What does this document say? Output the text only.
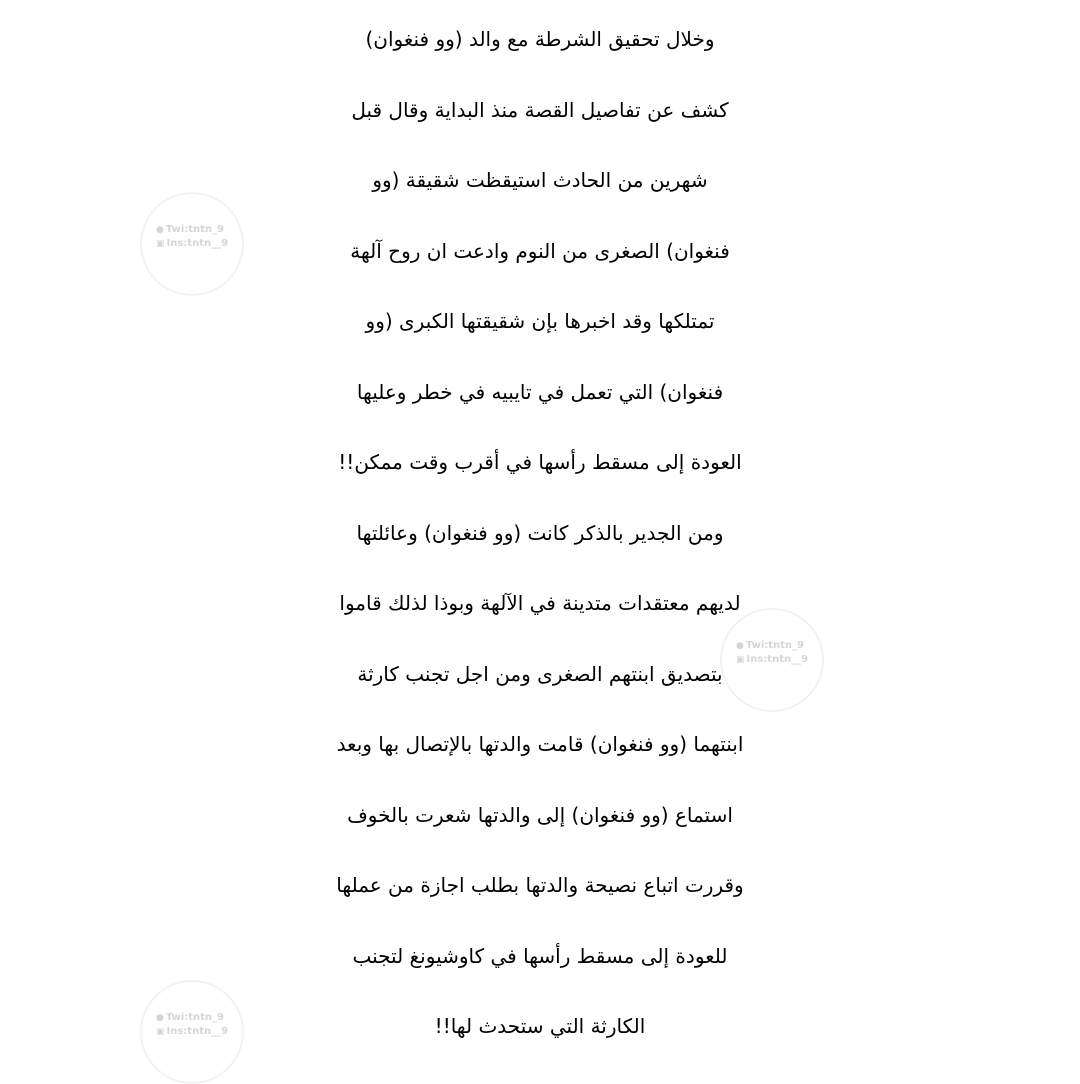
● Twi:tntn_9
▣ Ins:tntn__9
● Twi:tntn_9
▣ Ins:tntn__9
● Twi:tntn_9
▣ Ins:tntn__9
وخلال تحقيق الشرطة مع والد (وو فنغوان)
كشف عن تفاصيل القصة منذ البداية وقال قبل
شهرين من الحادث استيقظت شقيقة (وو
فنغوان) الصغرى من النوم وادعت ان روح آلهة
تمتلكها وقد اخبرها بإن شقيقتها الكبرى (وو
فنغوان) التي تعمل في تايبيه في خطر وعليها
العودة إلى مسقط رأسها في أقرب وقت ممكن!!
ومن الجدير بالذكر كانت (وو فنغوان) وعائلتها
لديهم معتقدات متدينة في الآلهة وبوذا لذلك قاموا
بتصديق ابنتهم الصغرى ومن اجل تجنب كارثة
ابنتهما (وو فنغوان) قامت والدتها بالإتصال بها وبعد
استماع (وو فنغوان) إلى والدتها شعرت بالخوف
وقررت اتباع نصيحة والدتها بطلب اجازة من عملها
للعودة إلى مسقط رأسها في كاوشيونغ لتجنب
الكارثة التي ستحدث لها!!
